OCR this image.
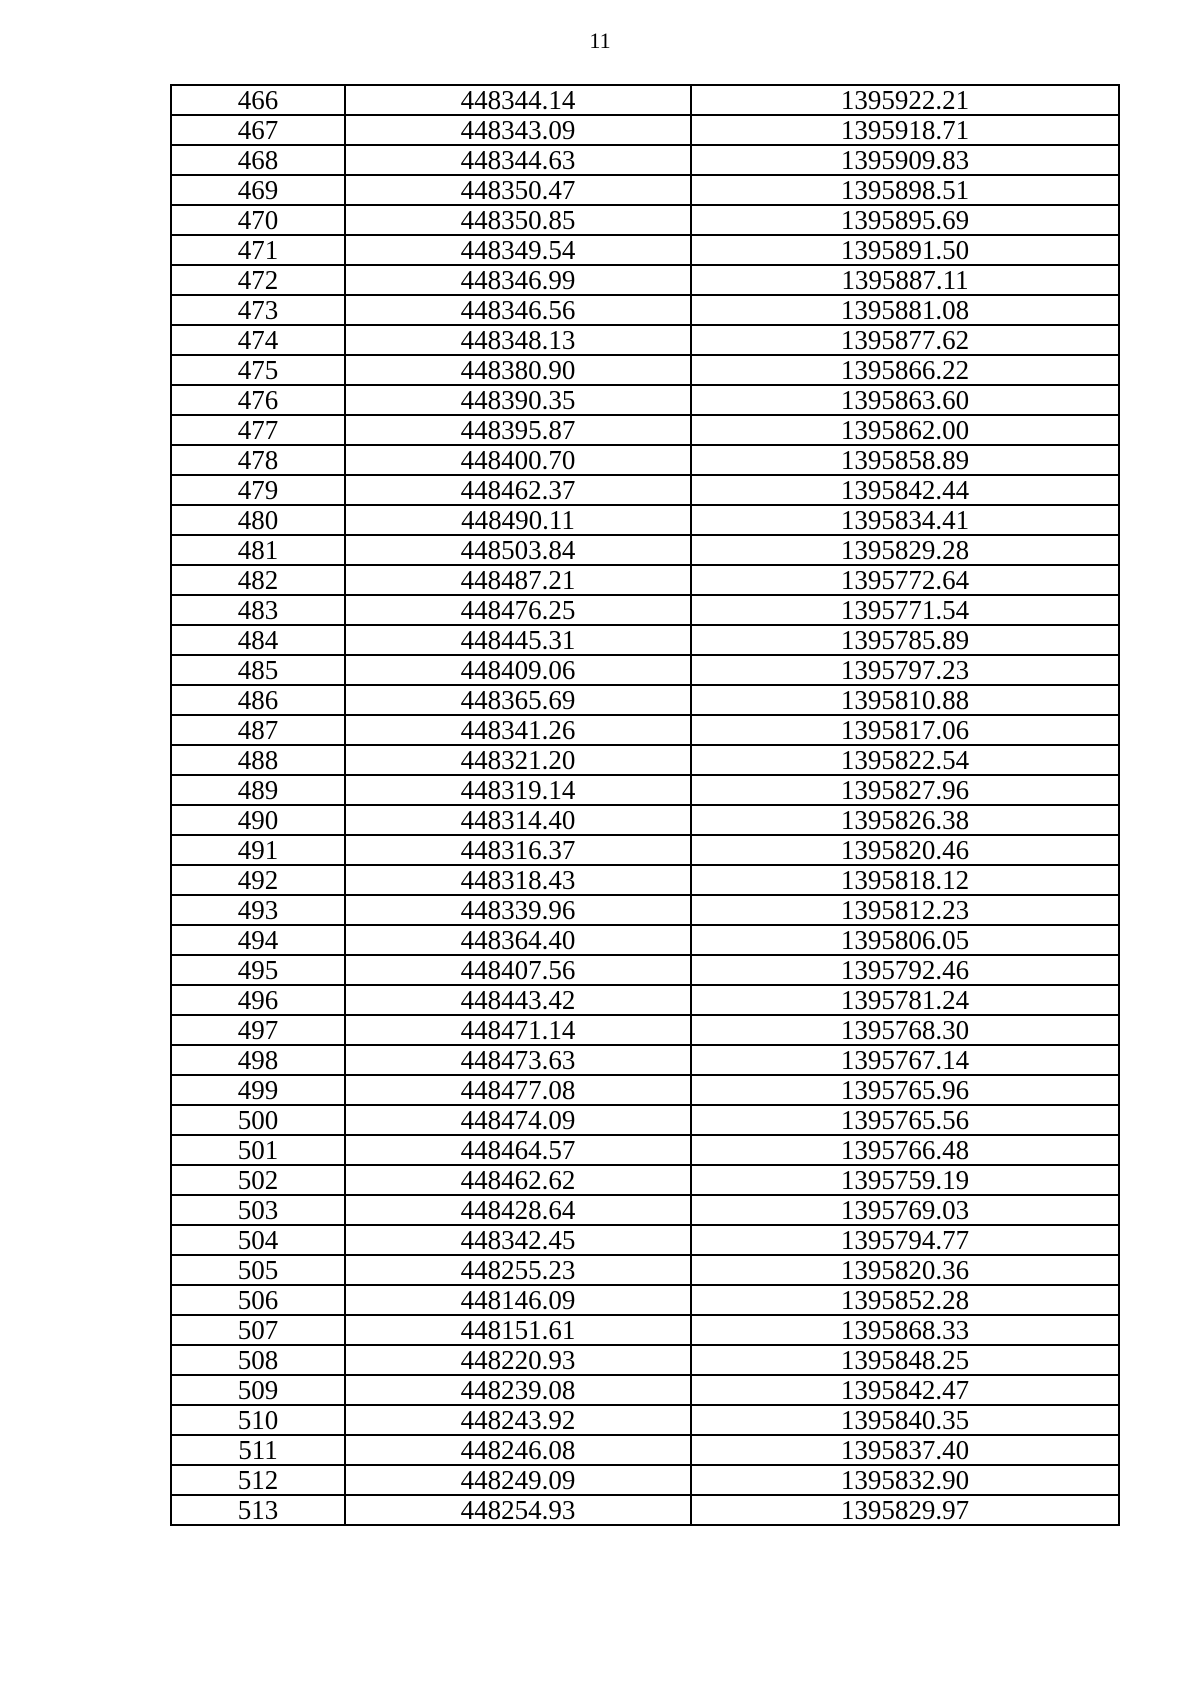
11
466	448344.14	1395922.21
467	448343.09	1395918.71
468	448344.63	1395909.83
469	448350.47	1395898.51
470	448350.85	1395895.69
471	448349.54	1395891.50
472	448346.99	1395887.11
473	448346.56	1395881.08
474	448348.13	1395877.62
475	448380.90	1395866.22
476	448390.35	1395863.60
477	448395.87	1395862.00
478	448400.70	1395858.89
479	448462.37	1395842.44
480	448490.11	1395834.41
481	448503.84	1395829.28
482	448487.21	1395772.64
483	448476.25	1395771.54
484	448445.31	1395785.89
485	448409.06	1395797.23
486	448365.69	1395810.88
487	448341.26	1395817.06
488	448321.20	1395822.54
489	448319.14	1395827.96
490	448314.40	1395826.38
491	448316.37	1395820.46
492	448318.43	1395818.12
493	448339.96	1395812.23
494	448364.40	1395806.05
495	448407.56	1395792.46
496	448443.42	1395781.24
497	448471.14	1395768.30
498	448473.63	1395767.14
499	448477.08	1395765.96
500	448474.09	1395765.56
501	448464.57	1395766.48
502	448462.62	1395759.19
503	448428.64	1395769.03
504	448342.45	1395794.77
505	448255.23	1395820.36
506	448146.09	1395852.28
507	448151.61	1395868.33
508	448220.93	1395848.25
509	448239.08	1395842.47
510	448243.92	1395840.35
511	448246.08	1395837.40
512	448249.09	1395832.90
513	448254.93	1395829.97
